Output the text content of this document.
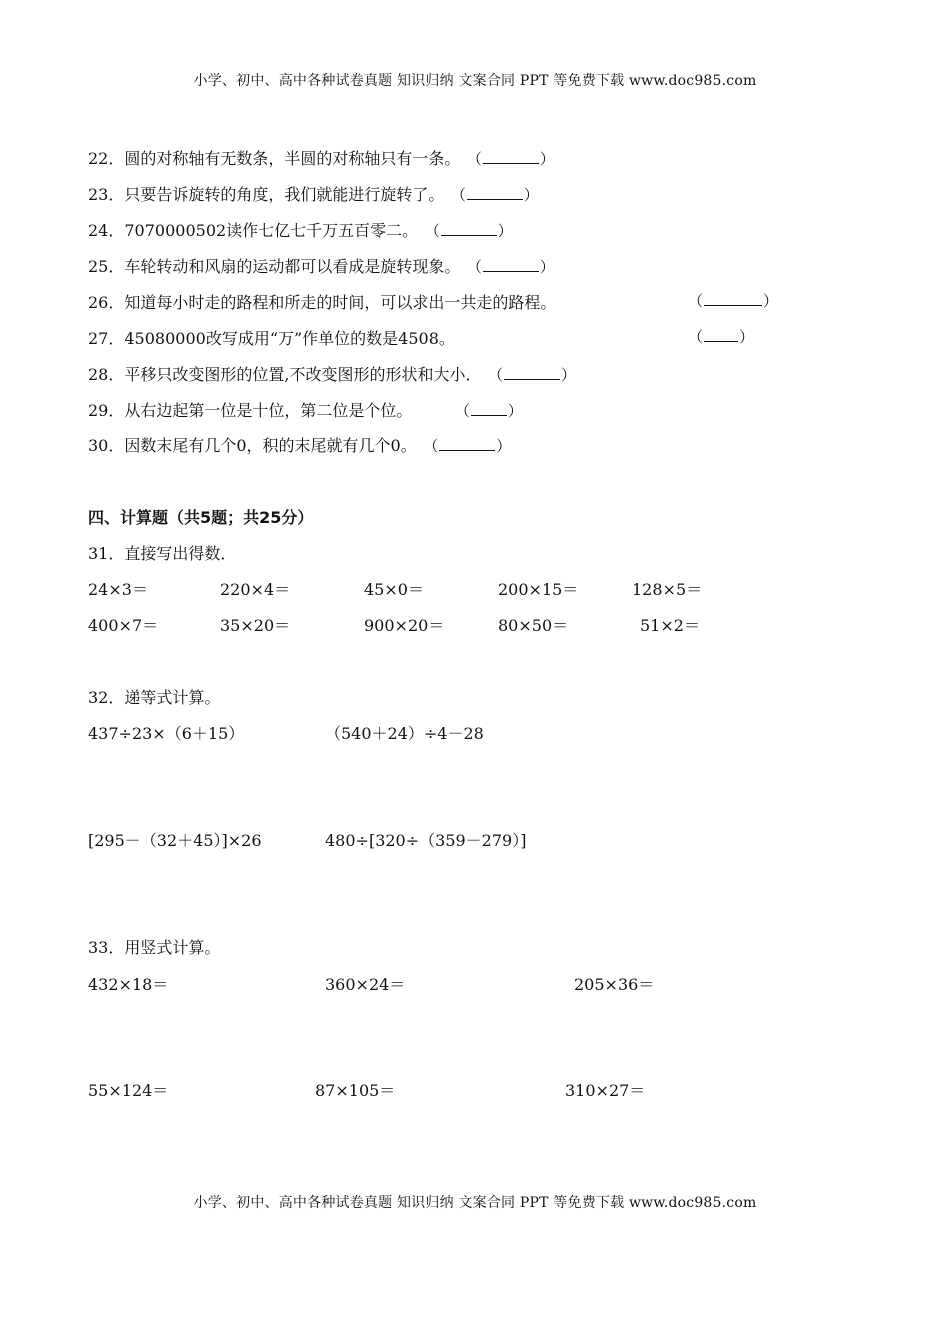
小学、初中、高中各种试卷真题 知识归纳 文案合同 PPT 等免费下载 www.doc985.com
22．圆的对称轴有无数条，半圆的对称轴只有一条。 （	）
23．只要告诉旋转的角度，我们就能进行旋转了。 （	）
24．7070000502读作七亿七千万五百零二。 （	）
25．车轮转动和风扇的运动都可以看成是旋转现象。 （	）
26．知道每小时走的路程和所走的时间，可以求出一共走的路程。	（	）
27．45080000改写成用“万”作单位的数是4508。	（ ）
28．平移只改变图形的位置,不改变图形的形状和大小． （	）
29．从右边起第一位是十位，第二位是个位。	（	）
30．因数末尾有几个0，积的末尾就有几个0。 （	）
四、计算题（共5题；共25分）
31．直接写出得数．
24×3＝	220×4＝	45×0＝	200×15＝	128×5＝
400×7＝	35×20＝	900×20＝	80×50＝	51×2＝
32．递等式计算。
437÷23×（6＋15）	（540＋24）÷4－28
[295－（32＋45）]×26	480÷[320÷（359－279）]
33．用竖式计算。
432×18＝	360×24＝	205×36＝
55×124＝	87×105＝	310×27＝
小学、初中、高中各种试卷真题 知识归纳 文案合同 PPT 等免费下载 www.doc985.com
